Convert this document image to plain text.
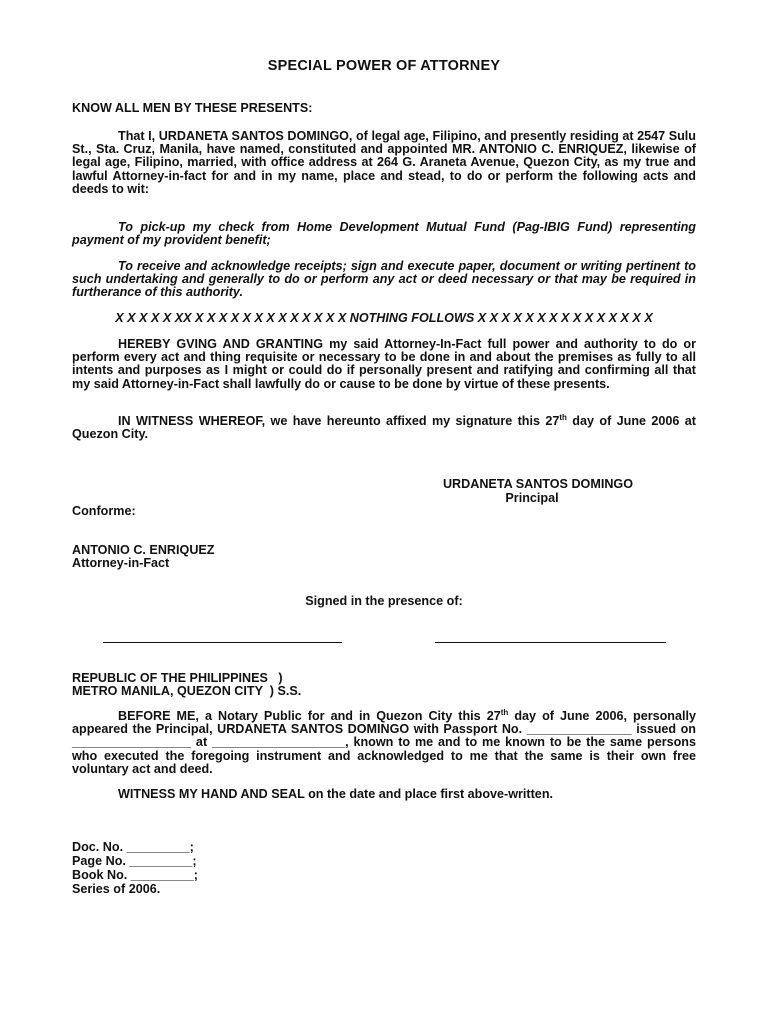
SPECIAL POWER OF ATTORNEY
KNOW ALL MEN BY THESE PRESENTS:
That I, URDANETA SANTOS DOMINGO, of legal age, Filipino, and presently residing at 2547 Sulu St., Sta. Cruz, Manila, have named, constituted and appointed MR. ANTONIO C. ENRIQUEZ, likewise of legal age, Filipino, married, with office address at 264 G. Araneta Avenue, Quezon City, as my true and lawful Attorney-in-fact for and in my name, place and stead, to do or perform the following acts and deeds to wit:
To pick-up my check from Home Development Mutual Fund (Pag-IBIG Fund) representing payment of my provident benefit;
To receive and acknowledge receipts; sign and execute paper, document or writing pertinent to such undertaking and generally to do or perform any act or deed necessary or that may be required in furtherance of this authority.
X X X X X XX X X X X X X X X X X X X X NOTHING FOLLOWS X X X X X X X X X X X X X X X
HEREBY GVING AND GRANTING my said Attorney-In-Fact full power and authority to do or perform every act and thing requisite or necessary to be done in and about the premises as fully to all intents and purposes as I might or could do if personally present and ratifying and confirming all that my said Attorney-in-Fact shall lawfully do or cause to be done by virtue of these presents.
IN WITNESS WHEREOF, we have hereunto affixed my signature this 27th day of June 2006 at Quezon City.
URDANETA SANTOS DOMINGO
Principal
Conforme:
ANTONIO C. ENRIQUEZ
Attorney-in-Fact
Signed in the presence of:
REPUBLIC OF THE PHILIPPINES   )
METRO MANILA, QUEZON CITY  ) S.S.
BEFORE ME, a Notary Public for and in Quezon City this 27th day of June 2006, personally appeared the Principal, URDANETA SANTOS DOMINGO with Passport No. _______________ issued on _________________ at ___________________, known to me and to me known to be the same persons who executed the foregoing instrument and acknowledged to me that the same is their own free voluntary act and deed.
WITNESS MY HAND AND SEAL on the date and place first above-written.
Doc. No. _________;
Page No. _________;
Book No. _________;
Series of 2006.
